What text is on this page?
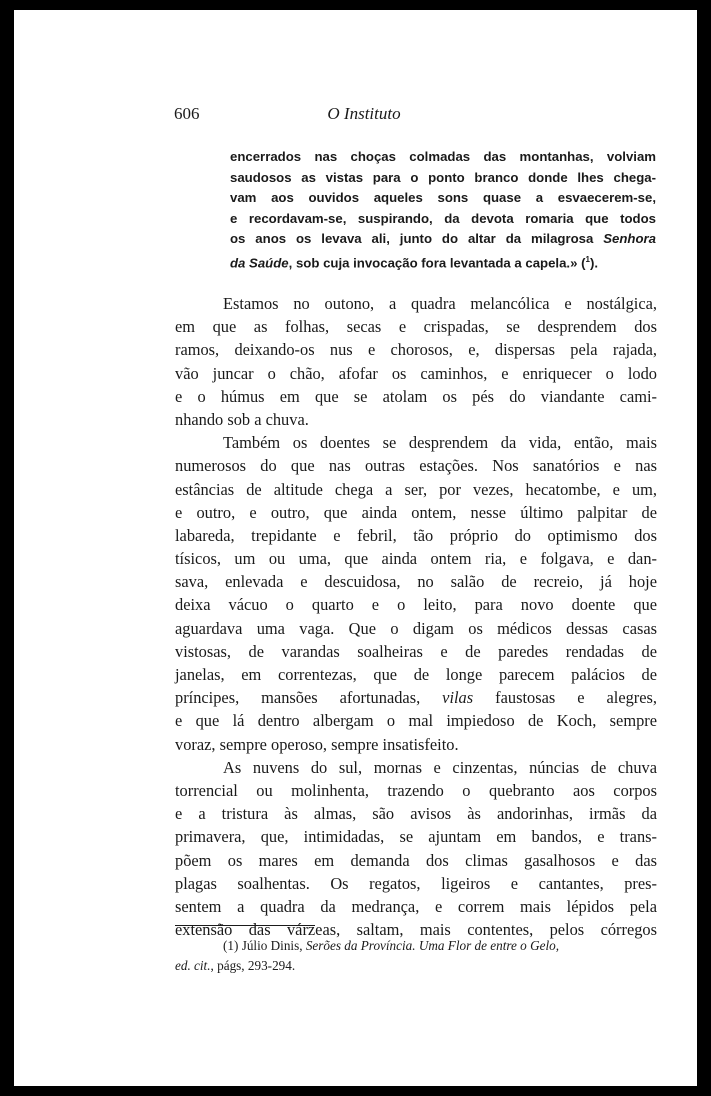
606	O Instituto
encerrados nas choças colmadas das montanhas, volviam
saudosos as vistas para o ponto branco donde lhes chega-
vam aos ouvidos aqueles sons quase a esvaecerem-se,
e recordavam-se, suspirando, da devota romaria que todos
os anos os levava ali, junto do altar da milagrosa Senhora
da Saúde, sob cuja invocação fora levantada a capela.» ($^1$).
Estamos no outono, a quadra melancólica e nostálgica,
em que as folhas, secas e crispadas, se desprendem dos
ramos, deixando-os nus e chorosos, e, dispersas pela rajada,
vão juncar o chão, afofar os caminhos, e enriquecer o lodo
e o húmus em que se atolam os pés do viandante cami-
nhando sob a chuva.
Também os doentes se desprendem da vida, então, mais
numerosos do que nas outras estações. Nos sanatórios e nas
estâncias de altitude chega a ser, por vezes, hecatombe, e um,
e outro, e outro, que ainda ontem, nesse último palpitar de
labareda, trepidante e febril, tão próprio do optimismo dos
tísicos, um ou uma, que ainda ontem ria, e folgava, e dan-
sava, enlevada e descuidosa, no salão de recreio, já hoje
deixa vácuo o quarto e o leito, para novo doente que
aguardava uma vaga. Que o digam os médicos dessas casas
vistosas, de varandas soalheiras e de paredes rendadas de
janelas, em correntezas, que de longe parecem palácios de
príncipes, mansões afortunadas, vilas faustosas e alegres,
e que lá dentro albergam o mal impiedoso de Koch, sempre
voraz, sempre operoso, sempre insatisfeito.
As nuvens do sul, mornas e cinzentas, núncias de chuva
torrencial ou molinhenta, trazendo o quebranto aos corpos
e a tristura às almas, são avisos às andorinhas, irmãs da
primavera, que, intimidadas, se ajuntam em bandos, e trans-
põem os mares em demanda dos climas gasalhosos e das
plagas soalhentas. Os regatos, ligeiros e cantantes, pres-
sentem a quadra da medrança, e correm mais lépidos pela
extensão das várzeas, saltam, mais contentes, pelos córregos
(1) Júlio Dinis, Serões da Província. Uma Flor de entre o Gelo,
ed. cit., págs, 293-294.
